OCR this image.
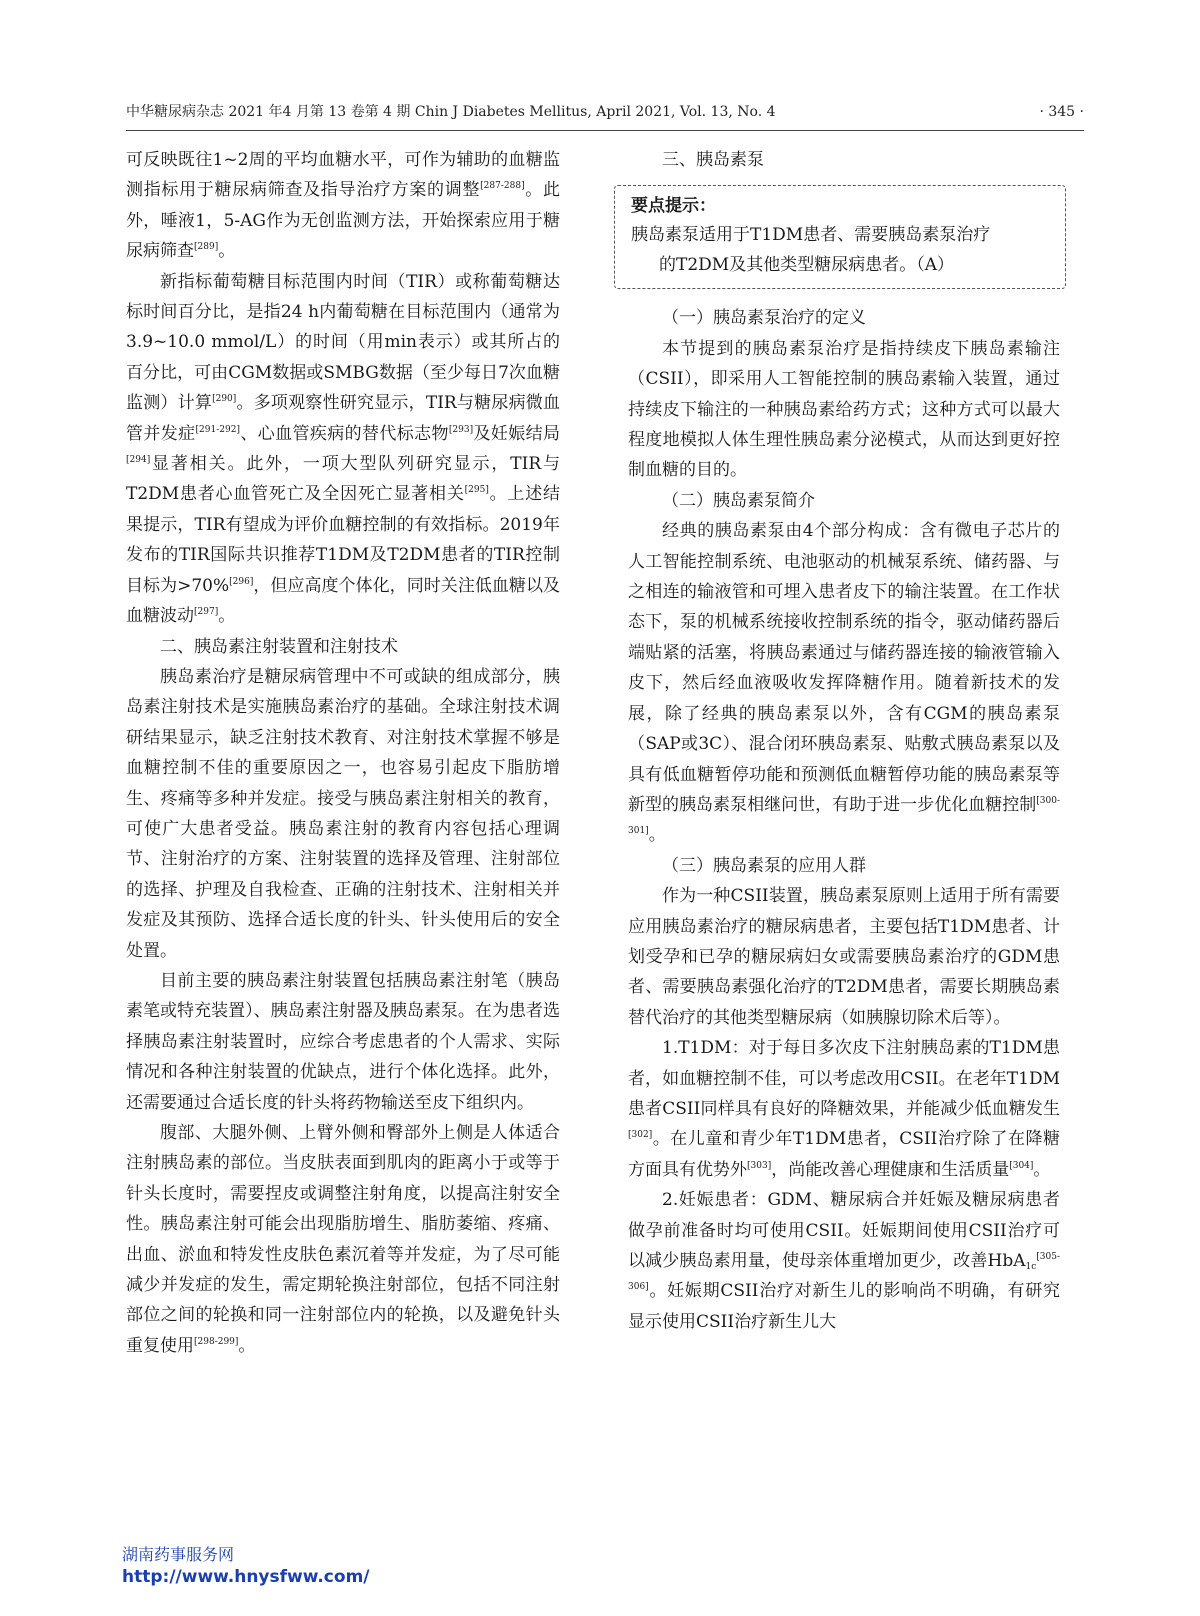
中华糖尿病杂志 2021 年4 月第 13 卷第 4 期 Chin J Diabetes Mellitus, April 2021, Vol. 13, No. 4	· 345 ·

可反映既往1~2周的平均血糖水平，可作为辅助的血糖监测指标用于糖尿病筛查及指导治疗方案的调整[287-288]。此外，唾液1，5-AG作为无创监测方法，开始探索应用于糖尿病筛查[289]。

新指标葡萄糖目标范围内时间（TIR）或称葡萄糖达标时间百分比，是指24 h内葡萄糖在目标范围内（通常为3.9~10.0 mmol/L）的时间（用min表示）或其所占的百分比，可由CGM数据或SMBG数据（至少每日7次血糖监测）计算[290]。多项观察性研究显示，TIR与糖尿病微血管并发症[291-292]、心血管疾病的替代标志物[293]及妊娠结局[294]显著相关。此外，一项大型队列研究显示，TIR与T2DM患者心血管死亡及全因死亡显著相关[295]。上述结果提示，TIR有望成为评价血糖控制的有效指标。2019年发布的TIR国际共识推荐T1DM及T2DM患者的TIR控制目标为>70%[296]，但应高度个体化，同时关注低血糖以及血糖波动[297]。

二、胰岛素注射装置和注射技术

胰岛素治疗是糖尿病管理中不可或缺的组成部分，胰岛素注射技术是实施胰岛素治疗的基础。全球注射技术调研结果显示，缺乏注射技术教育、对注射技术掌握不够是血糖控制不佳的重要原因之一，也容易引起皮下脂肪增生、疼痛等多种并发症。接受与胰岛素注射相关的教育，可使广大患者受益。胰岛素注射的教育内容包括心理调节、注射治疗的方案、注射装置的选择及管理、注射部位的选择、护理及自我检查、正确的注射技术、注射相关并发症及其预防、选择合适长度的针头、针头使用后的安全处置。

目前主要的胰岛素注射装置包括胰岛素注射笔（胰岛素笔或特充装置）、胰岛素注射器及胰岛素泵。在为患者选择胰岛素注射装置时，应综合考虑患者的个人需求、实际情况和各种注射装置的优缺点，进行个体化选择。此外，还需要通过合适长度的针头将药物输送至皮下组织内。

腹部、大腿外侧、上臂外侧和臀部外上侧是人体适合注射胰岛素的部位。当皮肤表面到肌肉的距离小于或等于针头长度时，需要捏皮或调整注射角度，以提高注射安全性。胰岛素注射可能会出现脂肪增生、脂肪萎缩、疼痛、出血、淤血和特发性皮肤色素沉着等并发症，为了尽可能减少并发症的发生，需定期轮换注射部位，包括不同注射部位之间的轮换和同一注射部位内的轮换，以及避免针头重复使用[298-299]。

三、胰岛素泵

要点提示：
胰岛素泵适用于T1DM患者、需要胰岛素泵治疗
的T2DM及其他类型糖尿病患者。（A）

（一）胰岛素泵治疗的定义

本节提到的胰岛素泵治疗是指持续皮下胰岛素输注（CSII），即采用人工智能控制的胰岛素输入装置，通过持续皮下输注的一种胰岛素给药方式；这种方式可以最大程度地模拟人体生理性胰岛素分泌模式，从而达到更好控制血糖的目的。

（二）胰岛素泵简介

经典的胰岛素泵由4个部分构成：含有微电子芯片的人工智能控制系统、电池驱动的机械泵系统、储药器、与之相连的输液管和可埋入患者皮下的输注装置。在工作状态下，泵的机械系统接收控制系统的指令，驱动储药器后端贴紧的活塞，将胰岛素通过与储药器连接的输液管输入皮下，然后经血液吸收发挥降糖作用。随着新技术的发展，除了经典的胰岛素泵以外，含有CGM的胰岛素泵（SAP或3C）、混合闭环胰岛素泵、贴敷式胰岛素泵以及具有低血糖暂停功能和预测低血糖暂停功能的胰岛素泵等新型的胰岛素泵相继问世，有助于进一步优化血糖控制[300-301]。

（三）胰岛素泵的应用人群

作为一种CSII装置，胰岛素泵原则上适用于所有需要应用胰岛素治疗的糖尿病患者，主要包括T1DM患者、计划受孕和已孕的糖尿病妇女或需要胰岛素治疗的GDM患者、需要胰岛素强化治疗的T2DM患者，需要长期胰岛素替代治疗的其他类型糖尿病（如胰腺切除术后等）。

1.T1DM：对于每日多次皮下注射胰岛素的T1DM患者，如血糖控制不佳，可以考虑改用CSII。在老年T1DM患者CSII同样具有良好的降糖效果，并能减少低血糖发生[302]。在儿童和青少年T1DM患者，CSII治疗除了在降糖方面具有优势外[303]，尚能改善心理健康和生活质量[304]。

2.妊娠患者：GDM、糖尿病合并妊娠及糖尿病患者做孕前准备时均可使用CSII。妊娠期间使用CSII治疗可以减少胰岛素用量，使母亲体重增加更少，改善HbA$_{1c}$[305-306]。妊娠期CSII治疗对新生儿的影响尚不明确，有研究显示使用CSII治疗新生儿大

湖南药事服务网
http://www.hnysfww.com/
